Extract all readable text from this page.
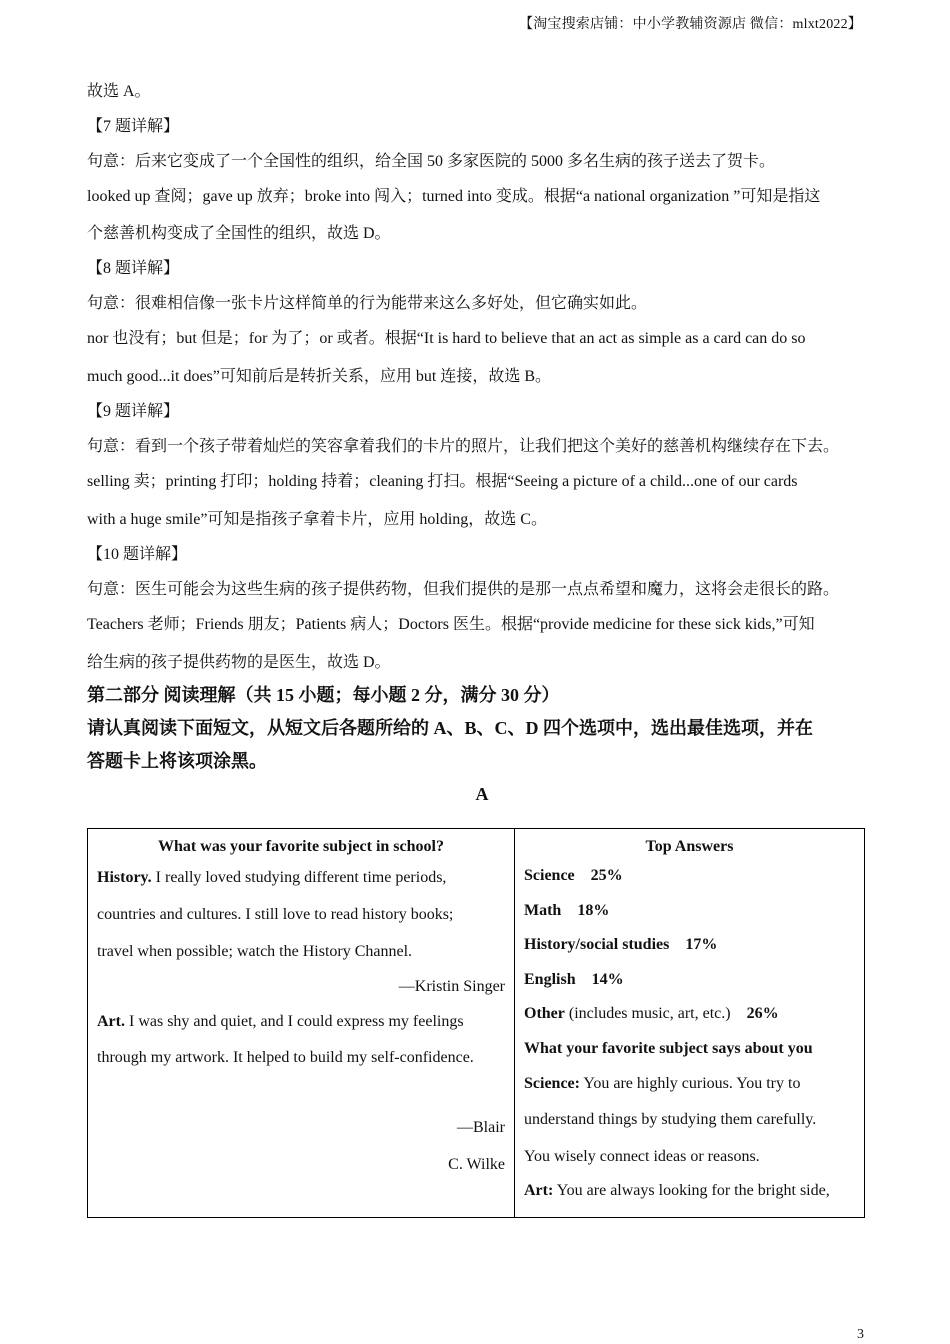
【淘宝搜索店铺：中小学教辅资源店 微信：mlxt2022】

故选 A。

【7 题详解】

句意：后来它变成了一个全国性的组织，给全国 50 多家医院的 5000 多名生病的孩子送去了贺卡。

looked up 查阅；gave up 放弃；broke into 闯入；turned into 变成。根据“a national organization ”可知是指这

个慈善机构变成了全国性的组织，故选 D。

【8 题详解】

句意：很难相信像一张卡片这样简单的行为能带来这么多好处，但它确实如此。

nor 也没有；but 但是；for 为了；or 或者。根据“It is hard to believe that an act as simple as a card can do so

much good...it does”可知前后是转折关系，应用 but 连接，故选 B。

【9 题详解】

句意：看到一个孩子带着灿烂的笑容拿着我们的卡片的照片，让我们把这个美好的慈善机构继续存在下去。

selling 卖；printing 打印；holding 持着；cleaning 打扫。根据“Seeing a picture of a child...one of our cards

with a huge smile”可知是指孩子拿着卡片，应用 holding，故选 C。

【10 题详解】

句意：医生可能会为这些生病的孩子提供药物，但我们提供的是那一点点希望和魔力，这将会走很长的路。

Teachers 老师；Friends 朋友；Patients 病人；Doctors 医生。根据“provide medicine for these sick kids,”可知

给生病的孩子提供药物的是医生，故选 D。

第二部分 阅读理解（共 15 小题；每小题 2 分，满分 30 分）
请认真阅读下面短文，从短文后各题所给的 A、B、C、D 四个选项中，选出最佳选项，并在
答题卡上将该项涂黑。
A
What was your favorite subject in school?

History. I really loved studying different time periods,

countries and cultures. I still love to read history books;

travel when possible; watch the History Channel.

—Kristin Singer

Art. I was shy and quiet, and I could express my feelings

through my artwork. It helped to build my self-confidence.

—Blair

C. Wilke

Top Answers

Science 25%

Math 18%

History/social studies 17%

English 14%

Other (includes music, art, etc.) 26%

What your favorite subject says about you

Science: You are highly curious. You try to

understand things by studying them carefully.

You wisely connect ideas or reasons.

Art: You are always looking for the bright side,

3
